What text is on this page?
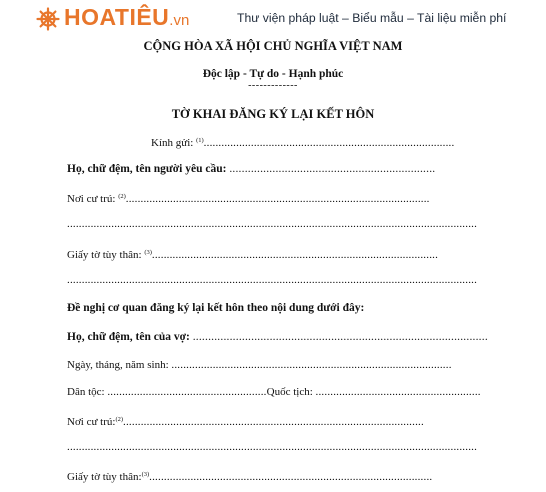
HOATIÊU.vn	Thư viện pháp luật – Biểu mẫu – Tài liệu miễn phí
CỘNG HÒA XÃ HỘI CHỦ NGHĨA VIỆT NAM
Độc lập - Tự do - Hạnh phúc
-------------
TỜ KHAI ĐĂNG KÝ LẠI KẾT HÔN
Kính gửi: $^{(1)}$.....................................................................................
Họ, chữ đệm, tên người yêu cầu: ...................................................................
Nơi cư trú: $^{(2)}$.......................................................................................................
...........................................................................................................................................
Giấy tờ tùy thân: $^{(3)}$.................................................................................................
...........................................................................................................................................
Đề nghị cơ quan đăng ký lại kết hôn theo nội dung dưới đây:
Họ, chữ đệm, tên của vợ: ................................................................................................
Ngày, tháng, năm sinh: ...............................................................................................
Dân tộc: ......................................................Quốc tịch: ........................................................
Nơi cư trú:$^{(2)}$......................................................................................................
...........................................................................................................................................
Giấy tờ tùy thân:$^{(3)}$................................................................................................
